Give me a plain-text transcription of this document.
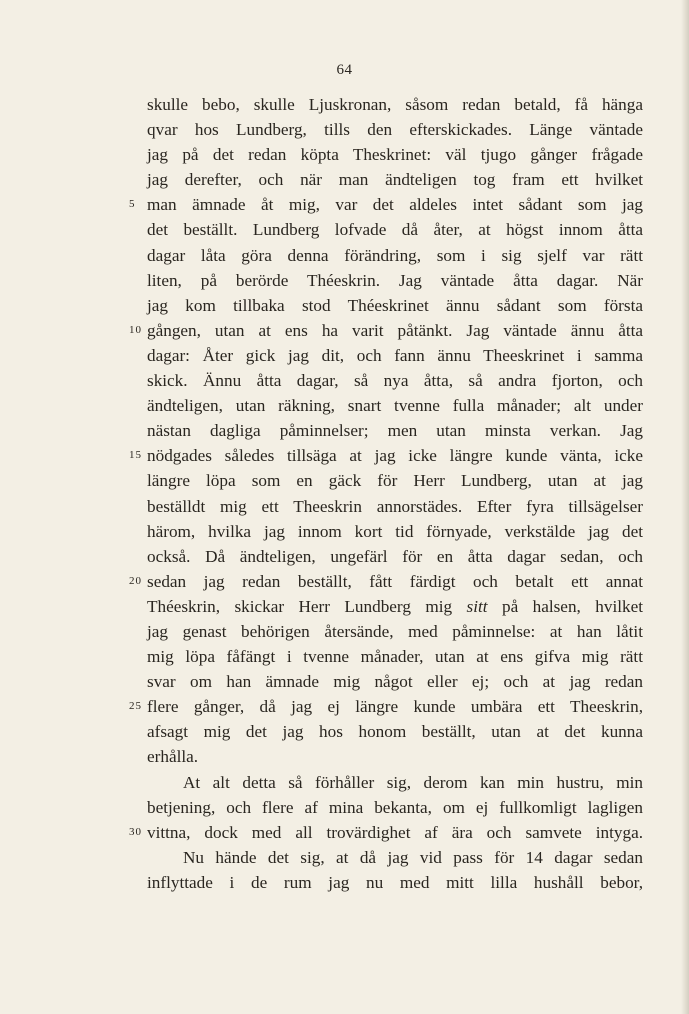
64
skulle bebo, skulle Ljuskronan, såsom redan betald, få hänga
qvar hos Lundberg, tills den efterskickades. Länge väntade
jag på det redan köpta Theskrinet: väl tjugo gånger frågade
jag derefter, och när man ändteligen tog fram ett hvilket
5 man ämnade åt mig, var det aldeles intet sådant som jag
det beställt. Lundberg lofvade då åter, at högst innom åtta
dagar låta göra denna förändring, som i sig sjelf var rätt
liten, på berörde Théeskrin. Jag väntade åtta dagar. När
jag kom tillbaka stod Théeskrinet ännu sådant som första
10 gången, utan at ens ha varit påtänkt. Jag väntade ännu åtta
dagar: Åter gick jag dit, och fann ännu Theeskrinet i samma
skick. Ännu åtta dagar, så nya åtta, så andra fjorton, och
ändteligen, utan räkning, snart tvenne fulla månader; alt under
nästan dagliga påminnelser; men utan minsta verkan. Jag
15 nödgades således tillsäga at jag icke längre kunde vänta, icke
längre löpa som en gäck för Herr Lundberg, utan at jag
beställdt mig ett Theeskrin annorstädes. Efter fyra tillsägelser
härom, hvilka jag innom kort tid förnyade, verkstälde jag det
också. Då ändteligen, ungefärl för en åtta dagar sedan, och
20 sedan jag redan beställt, fått färdigt och betalt ett annat
Théeskrin, skickar Herr Lundberg mig sitt på halsen, hvilket
jag genast behörigen återsände, med påminnelse: at han låtit
mig löpa fåfängt i tvenne månader, utan at ens gifva mig rätt
svar om han ämnade mig något eller ej; och at jag redan
25 flere gånger, då jag ej längre kunde umbära ett Theeskrin,
afsagt mig det jag hos honom beställt, utan at det kunna
erhålla.
At alt detta så förhåller sig, derom kan min hustru, min
betjening, och flere af mina bekanta, om ej fullkomligt lagligen
30 vittna, dock med all trovärdighet af ära och samvete intyga.
Nu hände det sig, at då jag vid pass för 14 dagar sedan
inflyttade i de rum jag nu med mitt lilla hushåll bebor,
